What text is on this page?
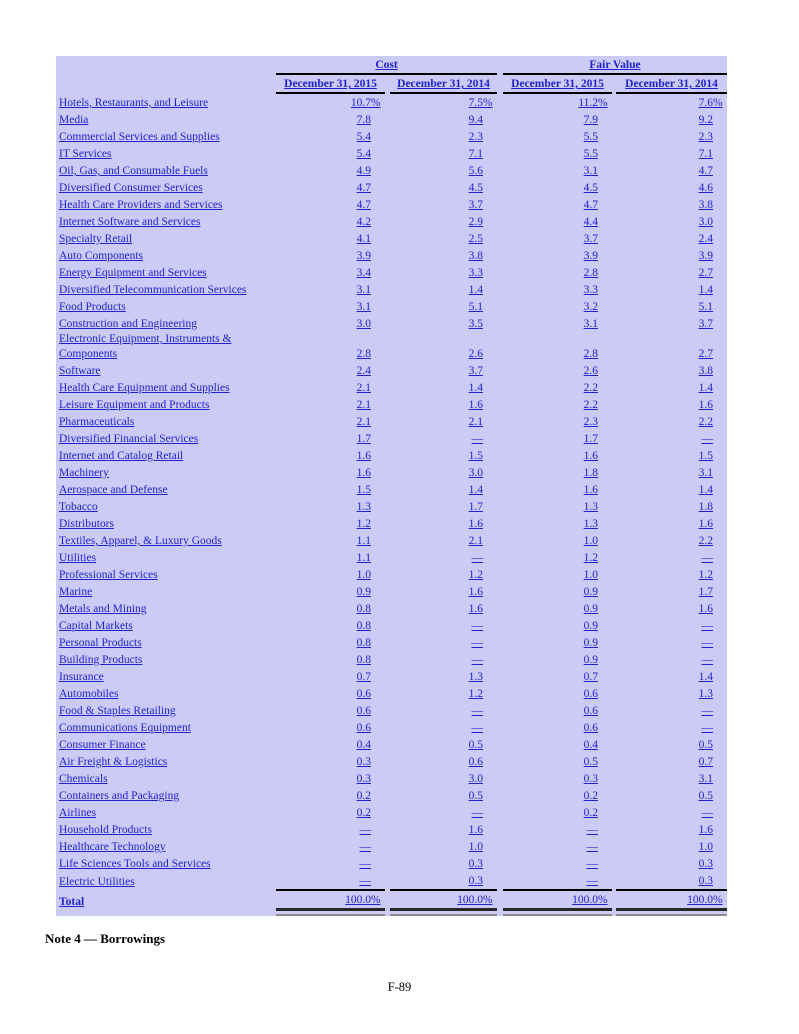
	Cost				Fair Value		
	December 31, 2015		December 31, 2014		December 31, 2015		December 31, 2014
Hotels, Restaurants, and Leisure	10.7%		7.5%		11.2%		7.6%
Media	7.8		9.4		7.9		9.2
Commercial Services and Supplies	5.4		2.3		5.5		2.3
IT Services	5.4		7.1		5.5		7.1
Oil, Gas, and Consumable Fuels	4.9		5.6		3.1		4.7
Diversified Consumer Services	4.7		4.5		4.5		4.6
Health Care Providers and Services	4.7		3.7		4.7		3.8
Internet Software and Services	4.2		2.9		4.4		3.0
Specialty Retail	4.1		2.5		3.7		2.4
Auto Components	3.9		3.8		3.9		3.9
Energy Equipment and Services	3.4		3.3		2.8		2.7
Diversified Telecommunication Services	3.1		1.4		3.3		1.4
Food Products	3.1		5.1		3.2		5.1
Construction and Engineering	3.0		3.5		3.1		3.7
Electronic Equipment, Instruments & Components	2.8		2.6		2.8		2.7
Software	2.4		3.7		2.6		3.8
Health Care Equipment and Supplies	2.1		1.4		2.2		1.4
Leisure Equipment and Products	2.1		1.6		2.2		1.6
Pharmaceuticals	2.1		2.1		2.3		2.2
Diversified Financial Services	1.7		—		1.7		—
Internet and Catalog Retail	1.6		1.5		1.6		1.5
Machinery	1.6		3.0		1.8		3.1
Aerospace and Defense	1.5		1.4		1.6		1.4
Tobacco	1.3		1.7		1.3		1.8
Distributors	1.2		1.6		1.3		1.6
Textiles, Apparel, & Luxury Goods	1.1		2.1		1.0		2.2
Utilities	1.1		—		1.2		—
Professional Services	1.0		1.2		1.0		1.2
Marine	0.9		1.6		0.9		1.7
Metals and Mining	0.8		1.6		0.9		1.6
Capital Markets	0.8		—		0.9		—
Personal Products	0.8		—		0.9		—
Building Products	0.8		—		0.9		—
Insurance	0.7		1.3		0.7		1.4
Automobiles	0.6		1.2		0.6		1.3
Food & Staples Retailing	0.6		—		0.6		—
Communications Equipment	0.6		—		0.6		—
Consumer Finance	0.4		0.5		0.4		0.5
Air Freight & Logistics	0.3		0.6		0.5		0.7
Chemicals	0.3		3.0		0.3		3.1
Containers and Packaging	0.2		0.5		0.2		0.5
Airlines	0.2		—		0.2		—
Household Products	—		1.6		—		1.6
Healthcare Technology	—		1.0		—		1.0
Life Sciences Tools and Services	—		0.3		—		0.3
Electric Utilities	—		0.3		—		0.3
Total	100.0%		100.0%		100.0%		100.0%

Note 4 — Borrowings
F-89
